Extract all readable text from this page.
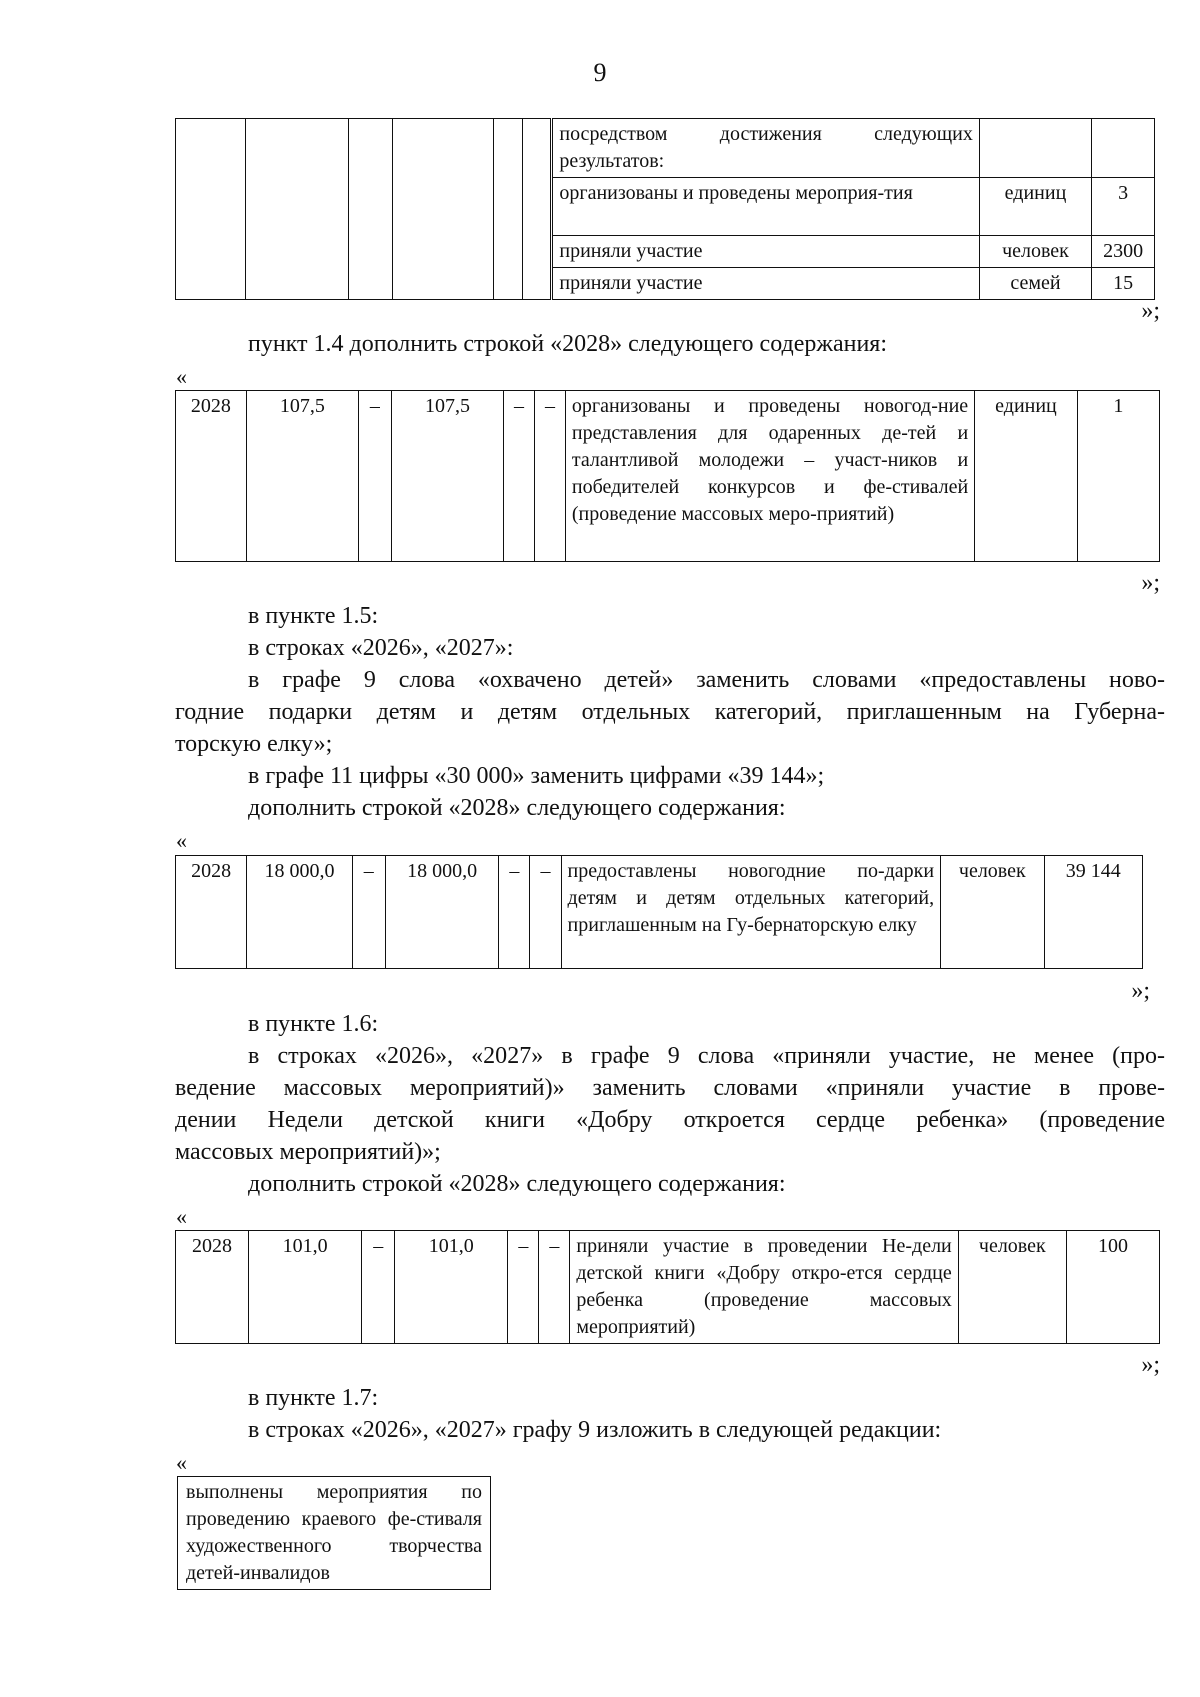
9
						посредством достижения следующих результатов:		
						организованы и проведены мероприя-тия	единиц	3
						приняли участие	человек	2300
						приняли участие	семей	15
»;
пункт 1.4 дополнить строкой «2028» следующего содержания:
«
2028	107,5	–	107,5	–	–	организованы и проведены новогод-ние представления для одаренных де-тей и талантливой молодежи – участ-ников и победителей конкурсов и фе-стивалей (проведение массовых меро-приятий)	единиц	1
»;
в пункте 1.5:
в строках «2026», «2027»:
в графе 9 слова «охвачено детей» заменить словами «предоставлены ново-
годние подарки детям и детям отдельных категорий, приглашенным на Губерна-
торскую елку»;
в графе 11 цифры «30 000» заменить цифрами «39 144»;
дополнить строкой «2028» следующего содержания:
«
2028	18 000,0	–	18 000,0	–	–	предоставлены новогодние по-дарки детям и детям отдельных категорий, приглашенным на Гу-бернаторскую елку	человек	39 144
»;
в пункте 1.6:
в строках «2026», «2027» в графе 9 слова «приняли участие, не менее (про-
ведение массовых мероприятий)» заменить словами «приняли участие в прове-
дении Недели детской книги «Добру откроется сердце ребенка» (проведение
массовых мероприятий)»;
дополнить строкой «2028» следующего содержания:
«
2028	101,0	–	101,0	–	–	приняли участие в проведении Не-дели детской книги «Добру откро-ется сердце ребенка (проведение массовых мероприятий)	человек	100
»;
в пункте 1.7:
в строках «2026», «2027» графу 9 изложить в следующей редакции:
«
выполнены мероприятия по проведению краевого фе-стиваля художественного творчества детей-инвалидов
